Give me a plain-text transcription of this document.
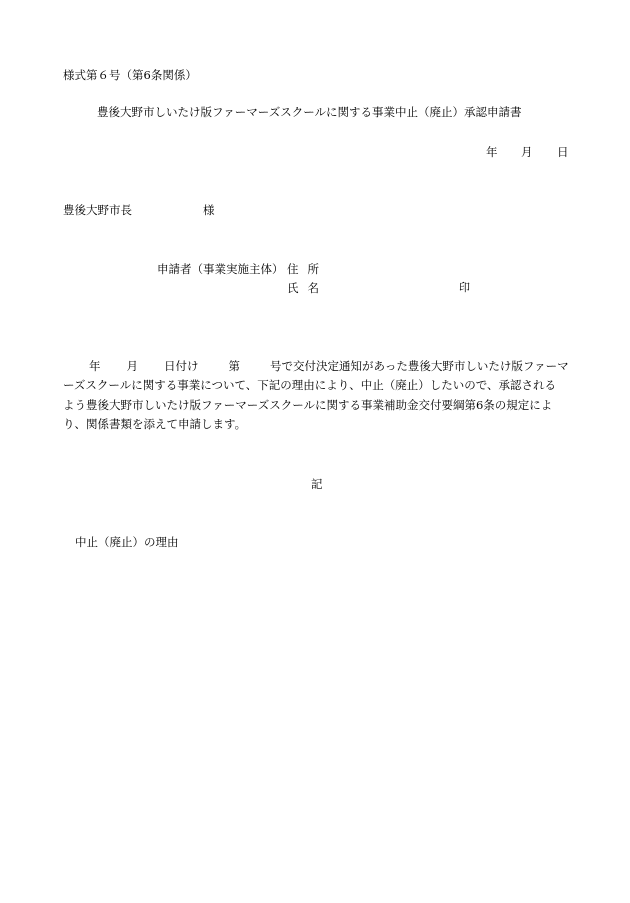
様式第６号（第6条関係）
豊後大野市しいたけ版ファーマーズスクールに関する事業中止（廃止）承認申請書
年 月 日
豊後大野市長	様
申請者（事業実施主体） 住 所
氏 名	印
年 月 日付け	第	号で交付決定通知があった豊後大野市しいたけ版ファーマ
ーズスクールに関する事業について、下記の理由により、中止（廃止）したいので、承認される
よう豊後大野市しいたけ版ファーマーズスクールに関する事業補助金交付要綱第6条の規定によ
り、関係書類を添えて申請します。
記
中止（廃止）の理由
